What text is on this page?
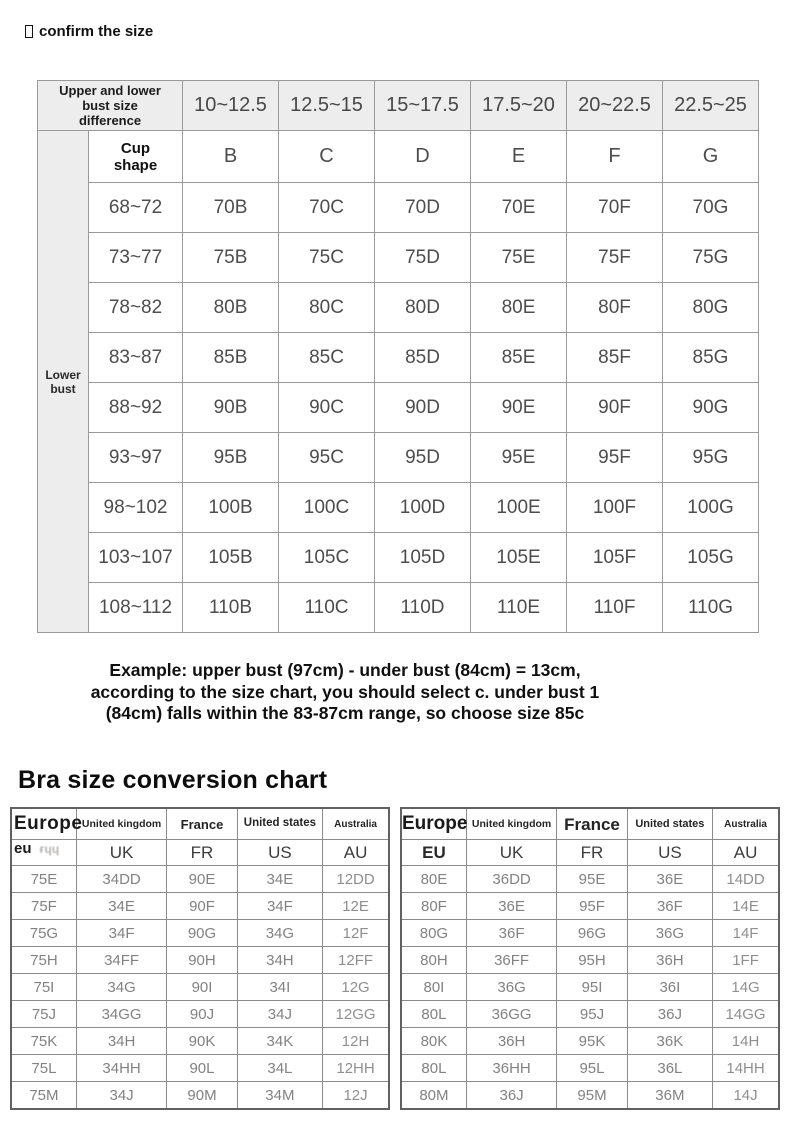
confirm the size
Upper and lower bust size difference		10~12.5	12.5~15	15~17.5	17.5~20	20~22.5	22.5~25
Lower bust	Cup shape	B	C	D	E	F	G
	68~72	70B	70C	70D	70E	70F	70G
	73~77	75B	75C	75D	75E	75F	75G
	78~82	80B	80C	80D	80E	80F	80G
	83~87	85B	85C	85D	85E	85F	85G
	88~92	90B	90C	90D	90E	90F	90G
	93~97	95B	95C	95D	95E	95F	95G
	98~102	100B	100C	100D	100E	100F	100G
	103~107	105B	105C	105D	105E	105F	105G
	108~112	110B	110C	110D	110E	110F	110G
Example: upper bust (97cm) - under bust (84cm) = 13cm,
according to the size chart, you should select c. under bust 1
(84cm) falls within the 83-87cm range, so choose size 85c
Bra size conversion chart
Europe	United kingdom	France	United states	Australia
eu ғɥɥ	UK	FR	US	AU
75E	34DD	90E	34E	12DD
75F	34E	90F	34F	12E
75G	34F	90G	34G	12F
75H	34FF	90H	34H	12FF
75I	34G	90I	34I	12G
75J	34GG	90J	34J	12GG
75K	34H	90K	34K	12H
75L	34HH	90L	34L	12HH
75M	34J	90M	34M	12J
Europe	United kingdom	France	United states	Australia
EU	UK	FR	US	AU
80E	36DD	95E	36E	14DD
80F	36E	95F	36F	14E
80G	36F	96G	36G	14F
80H	36FF	95H	36H	1FF
80I	36G	95I	36I	14G
80L	36GG	95J	36J	14GG
80K	36H	95K	36K	14H
80L	36HH	95L	36L	14HH
80M	36J	95M	36M	14J
